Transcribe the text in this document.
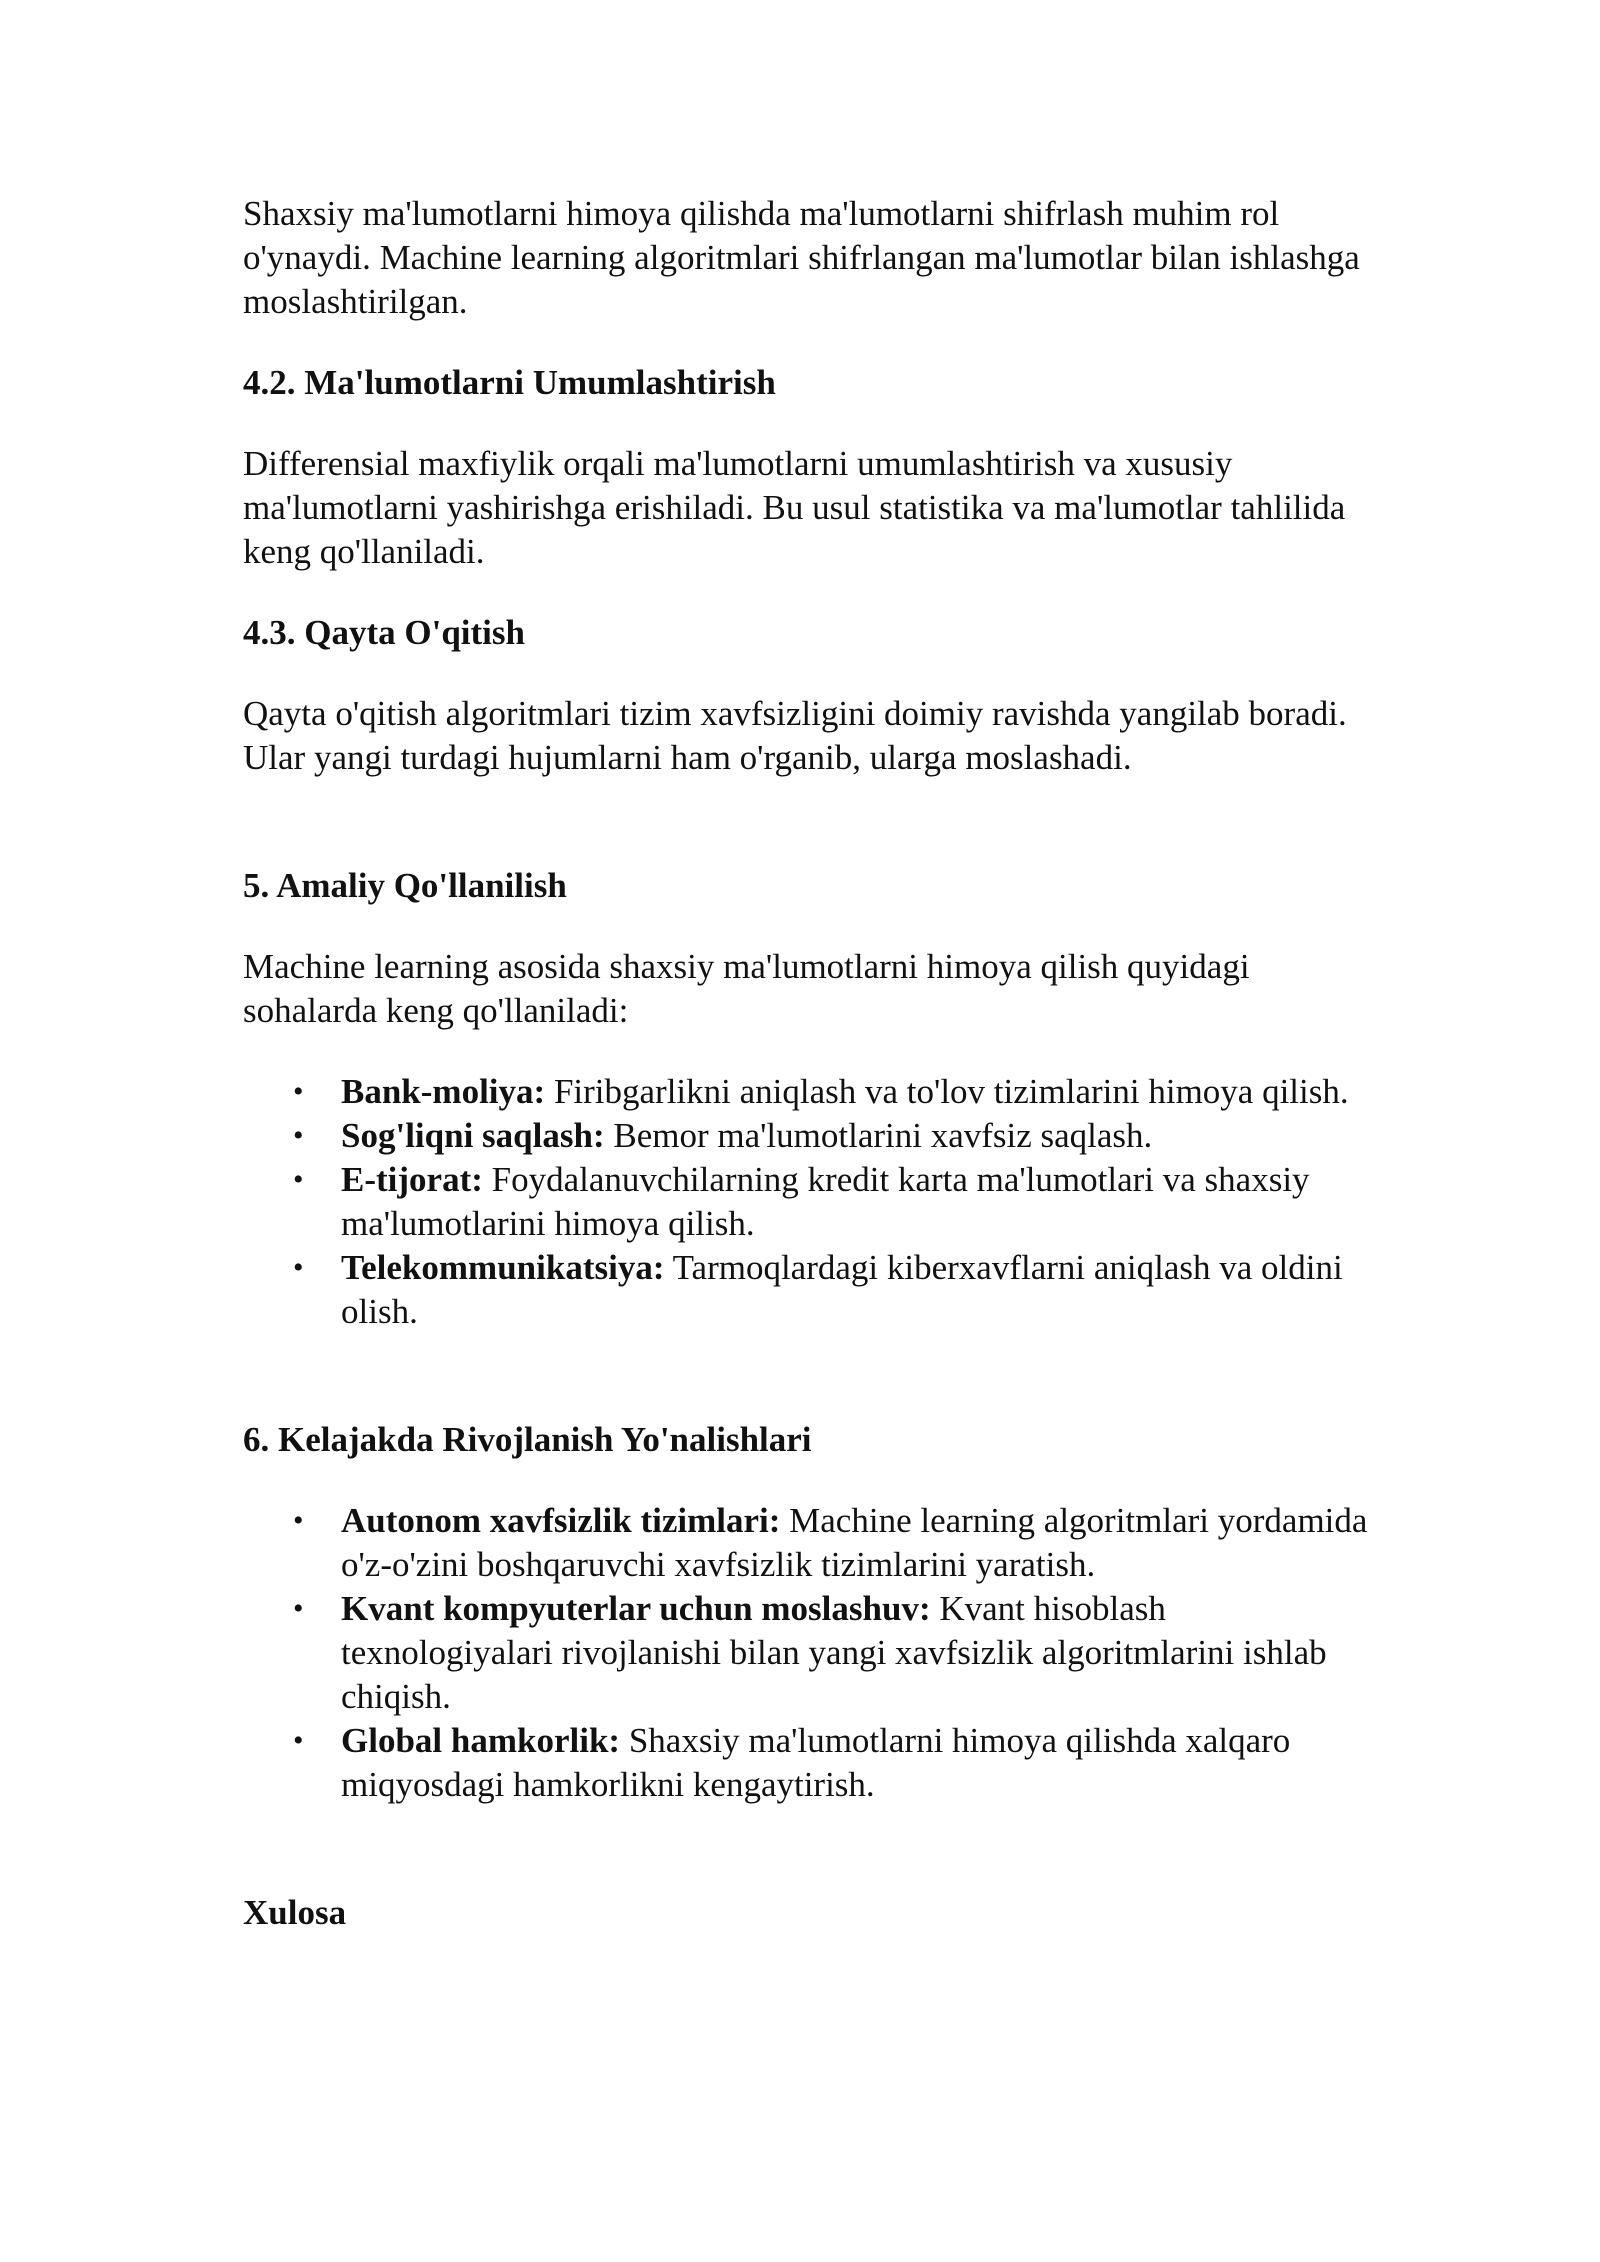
Shaxsiy ma'lumotlarni himoya qilishda ma'lumotlarni shifrlash muhim rol o'ynaydi. Machine learning algoritmlari shifrlangan ma'lumotlar bilan ishlashga moslashtirilgan.

4.2. Ma'lumotlarni Umumlashtirish

Differensial maxfiylik orqali ma'lumotlarni umumlashtirish va xususiy ma'lumotlarni yashirishga erishiladi. Bu usul statistika va ma'lumotlar tahlilida keng qo'llaniladi.

4.3. Qayta O'qitish

Qayta o'qitish algoritmlari tizim xavfsizligini doimiy ravishda yangilab boradi. Ular yangi turdagi hujumlarni ham o'rganib, ularga moslashadi.

5. Amaliy Qo'llanilish

Machine learning asosida shaxsiy ma'lumotlarni himoya qilish quyidagi sohalarda keng qo'llaniladi:

• Bank-moliya: Firibgarlikni aniqlash va to'lov tizimlarini himoya qilish.
• Sog'liqni saqlash: Bemor ma'lumotlarini xavfsiz saqlash.
• E-tijorat: Foydalanuvchilarning kredit karta ma'lumotlari va shaxsiy ma'lumotlarini himoya qilish.
• Telekommunikatsiya: Tarmoqlardagi kiberxavflarni aniqlash va oldini olish.
6. Kelajakda Rivojlanish Yo'nalishlari
• Autonom xavfsizlik tizimlari: Machine learning algoritmlari yordamida o'z-o'zini boshqaruvchi xavfsizlik tizimlarini yaratish.
• Kvant kompyuterlar uchun moslashuv: Kvant hisoblash texnologiyalari rivojlanishi bilan yangi xavfsizlik algoritmlarini ishlab chiqish.
• Global hamkorlik: Shaxsiy ma'lumotlarni himoya qilishda xalqaro miqyosdagi hamkorlikni kengaytirish.
Xulosa
